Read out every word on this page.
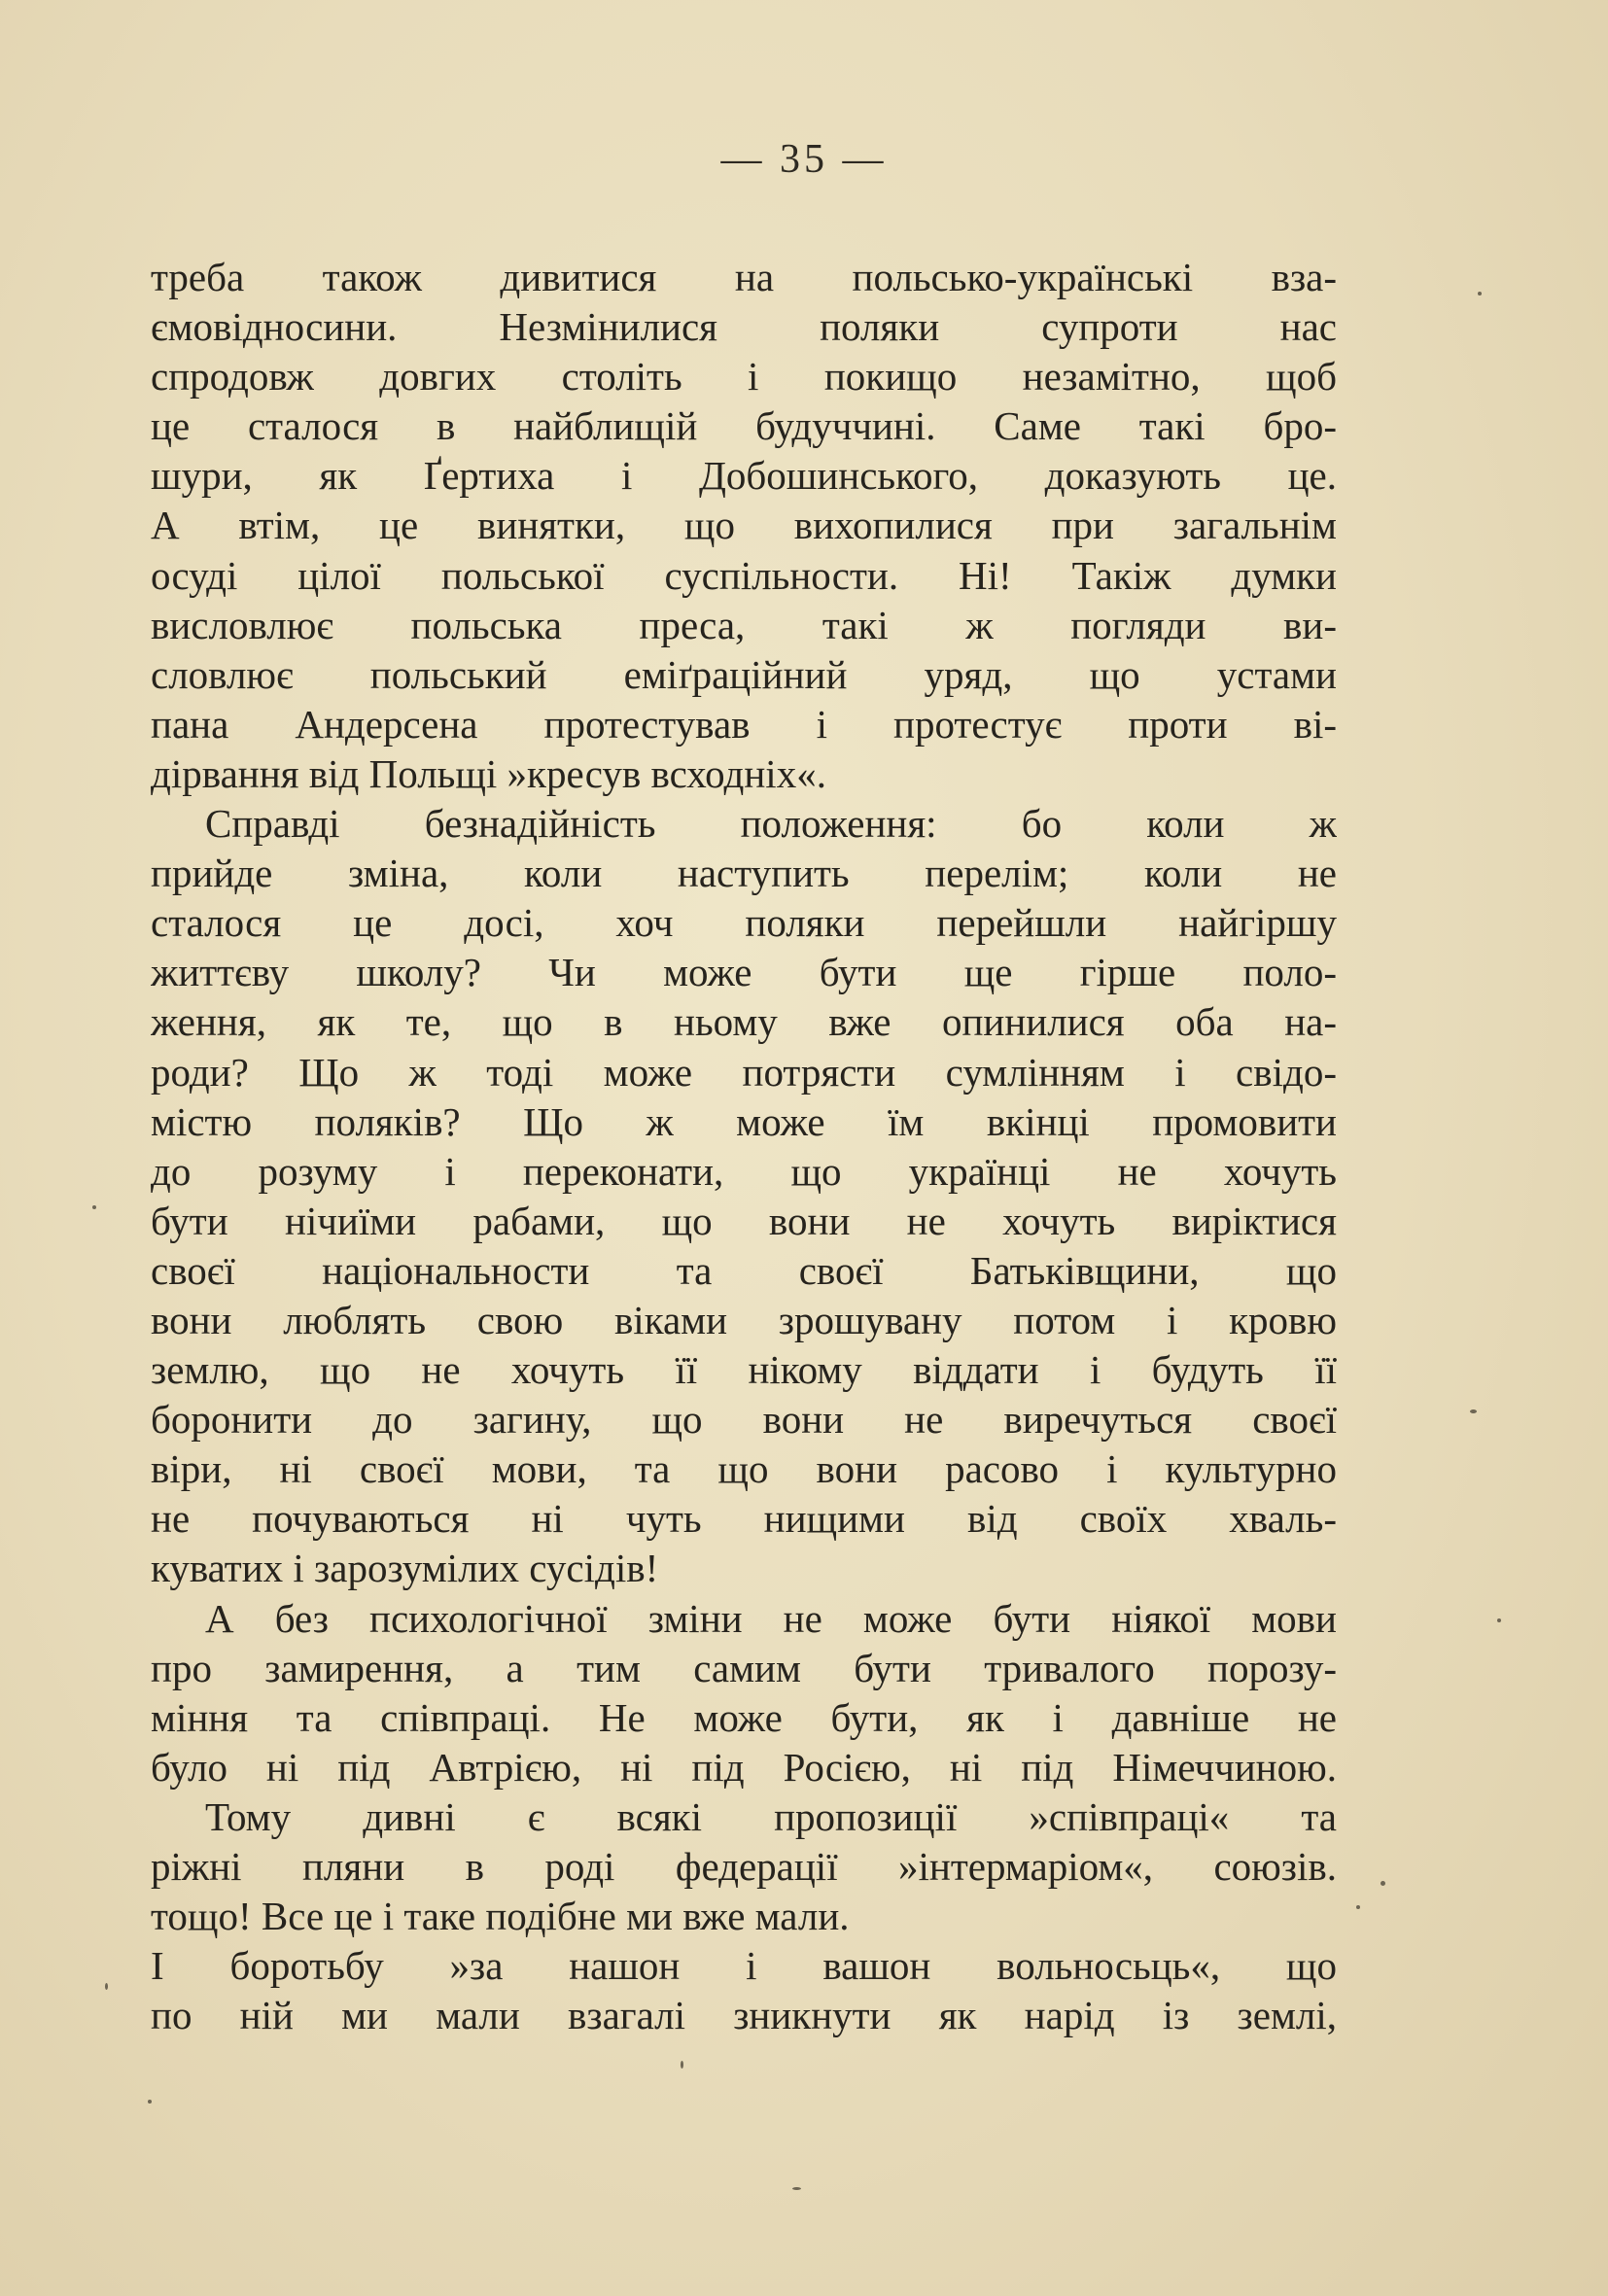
— 35 —
треба також дивитися на польсько-українські вза-
ємовідносини. Незмінилися поляки супроти нас
спродовж довгих століть і покищо незамітно, щоб
це сталося в найблищій будуччині. Саме такі бро-
шури, як Ґертиха і Добошинського, доказують це.
А втім, це винятки, що вихопилися при загальнім
осуді цілої польської суспільности. Ні! Такіж думки
висловлює польська преса, такі ж погляди ви-
словлює польський еміґраційний уряд, що устами
пана Андерсена протестував і протестує проти ві-
дірвання від Польщі »кресув всходніх«.
Справді безнадійність положення: бо коли ж
прийде зміна, коли наступить перелім; коли не
сталося це досі, хоч поляки перейшли найгіршу
життєву школу? Чи може бути ще гірше поло-
ження, як те, що в ньому вже опинилися оба на-
роди? Що ж тоді може потрясти сумлінням і свідо-
містю поляків? Що ж може їм вкінці промовити
до розуму і переконати, що українці не хочуть
бути нічиїми рабами, що вони не хочуть виріктися
своєї національности та своєї Батьківщини, що
вони люблять свою віками зрошувану потом і кровю
землю, що не хочуть її нікому віддати і будуть її
боронити до загину, що вони не виречуться своєї
віри, ні своєї мови, та що вони расово і культурно
не почуваються ні чуть нищими від своїх хваль-
куватих і зарозумілих сусідів!
А без психологічної зміни не може бути ніякої мови
про замирення, а тим самим бути тривалого порозу-
міння та співпраці. Не може бути, як і давніше не
було ні під Автрією, ні під Росією, ні під Німеччиною.
Тому дивні є всякі пропозиції »співпраці« та
ріжні пляни в роді федерації »інтермаріом«, союзів.
тощо! Все це і таке подібне ми вже мали.
І боротьбу »за нашон і вашон вольносьць«, що
по ній ми мали взагалі зникнути як нарід із землі,
